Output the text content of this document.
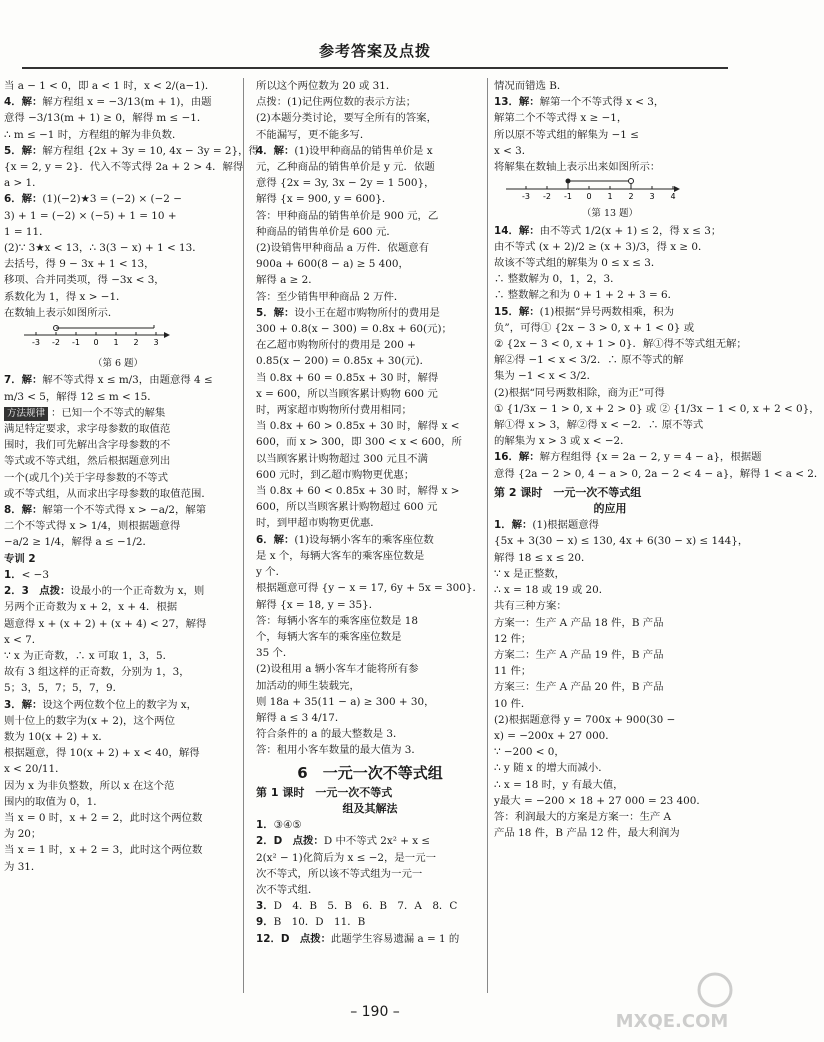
参考答案及点拨
当 a − 1 < 0，即 a < 1 时，x < 2/(a−1)．
4．解：解方程组 x = −3/13(m + 1)，由题
意得 −3/13(m + 1) ≥ 0，解得 m ≤ −1．
∴ m ≤ −1 时，方程组的解为非负数．
5．解：解方程组 {2x + 3y = 10, 4x − 3y = 2}，得
{x = 2, y = 2}．代入不等式得 2a + 2 > 4．解得
a > 1．
6．解：(1)(−2)★3 = (−2) × (−2 −
3) + 1 = (−2) × (−5) + 1 = 10 +
1 = 11．
(2)∵ 3★x < 13，∴ 3(3 − x) + 1 < 13．
去括号，得 9 − 3x + 1 < 13，
移项、合并同类项，得 −3x < 3，
系数化为 1，得 x > −1．
在数轴上表示如图所示．
-3 -2 -1 0 1 2 3
（第 6 题）
7．解：解不等式得 x ≤ m/3，由题意得 4 ≤
m/3 < 5，解得 12 ≤ m < 15．
方法规律 ：已知一个不等式的解集
满足特定要求，求字母参数的取值范
围时，我们可先解出含字母参数的不
等式或不等式组，然后根据题意列出
一个(或几个)关于字母参数的不等式
或不等式组，从而求出字母参数的取值范围．
8．解：解第一个不等式得 x > −a/2，解第
二个不等式得 x > 1/4，则根据题意得
−a/2 ≥ 1/4，解得 a ≤ −1/2．
专训 2
1．< −3
2．3　点拨：设最小的一个正奇数为 x，则
另两个正奇数为 x + 2，x + 4．根据
题意得 x + (x + 2) + (x + 4) < 27，解得
x < 7．
∵ x 为正奇数，∴ x 可取 1，3，5．
故有 3 组这样的正奇数，分别为 1，3，
5；3，5，7；5，7，9．
3．解：设这个两位数个位上的数字为 x，
则十位上的数字为(x + 2)，这个两位
数为 10(x + 2) + x．
根据题意，得 10(x + 2) + x < 40，解得
x < 20/11．
因为 x 为非负整数，所以 x 在这个范
围内的取值为 0，1．
当 x = 0 时，x + 2 = 2，此时这个两位数
为 20；
当 x = 1 时，x + 2 = 3，此时这个两位数
为 31．
所以这个两位数为 20 或 31．
点拨：(1)记住两位数的表示方法；
(2)本题分类讨论，要写全所有的答案，
不能漏写，更不能多写．
4．解：(1)设甲种商品的销售单价是 x
元，乙种商品的销售单价是 y 元．依题
意得 {2x = 3y, 3x − 2y = 1 500}，
解得 {x = 900, y = 600}．
答：甲种商品的销售单价是 900 元，乙
种商品的销售单价是 600 元．
(2)设销售甲种商品 a 万件．依题意有
900a + 600(8 − a) ≥ 5 400，
解得 a ≥ 2．
答：至少销售甲种商品 2 万件．
5．解：设小王在超市购物所付的费用是
300 + 0.8(x − 300) = 0.8x + 60(元)；
在乙超市购物所付的费用是 200 +
0.85(x − 200) = 0.85x + 30(元)．
当 0.8x + 60 = 0.85x + 30 时，解得
x = 600，所以当顾客累计购物 600 元
时，两家超市购物所付费用相同；
当 0.8x + 60 > 0.85x + 30 时，解得 x <
600，而 x > 300，即 300 < x < 600，所
以当顾客累计购物超过 300 元且不满
600 元时，到乙超市购物更优惠；
当 0.8x + 60 < 0.85x + 30 时，解得 x >
600，所以当顾客累计购物超过 600 元
时，到甲超市购物更优惠．
6．解：(1)设每辆小客车的乘客座位数
是 x 个，每辆大客车的乘客座位数是
y 个．
根据题意可得 {y − x = 17, 6y + 5x = 300}．
解得 {x = 18, y = 35}．
答：每辆小客车的乘客座位数是 18
个，每辆大客车的乘客座位数是
35 个．
(2)设租用 a 辆小客车才能将所有参
加活动的师生装载完，
则 18a + 35(11 − a) ≥ 300 + 30，
解得 a ≤ 3 4/17．
符合条件的 a 的最大整数是 3．
答：租用小客车数量的最大值为 3．
6　一元一次不等式组
第 1 课时　一元一次不等式
组及其解法
1．③④⑤
2．D　点拨：D 中不等式 2x² + x ≤
2(x² − 1)化简后为 x ≤ −2，是一元一
次不等式，所以该不等式组为一元一
次不等式组．
3．D　4．B　5．B　6．B　7．A　8．C
9．B　10．D　11．B
12．D　点拨：此题学生容易遗漏 a = 1 的
情况而错选 B．
13．解：解第一个不等式得 x < 3，
解第二个不等式得 x ≥ −1，
所以原不等式组的解集为 −1 ≤
x < 3．
将解集在数轴上表示出来如图所示：
-3 -2 -1 0 1 2 3 4
（第 13 题）
14．解：由不等式 1/2(x + 1) ≤ 2，得 x ≤ 3；
由不等式 (x + 2)/2 ≥ (x + 3)/3，得 x ≥ 0．
故该不等式组的解集为 0 ≤ x ≤ 3．
∴ 整数解为 0，1，2，3．
∴ 整数解之和为 0 + 1 + 2 + 3 = 6．
15．解：(1)根据“异号两数相乘，积为
负”，可得① {2x − 3 > 0, x + 1 < 0} 或
② {2x − 3 < 0, x + 1 > 0}．解①得不等式组无解；
解②得 −1 < x < 3/2．∴ 原不等式的解
集为 −1 < x < 3/2．
(2)根据“同号两数相除，商为正”可得
① {1/3x − 1 > 0, x + 2 > 0} 或 ② {1/3x − 1 < 0, x + 2 < 0}，
解①得 x > 3，解②得 x < −2．∴ 原不等式
的解集为 x > 3 或 x < −2．
16．解：解方程组得 {x = 2a − 2, y = 4 − a}，根据题
意得 {2a − 2 > 0, 4 − a > 0, 2a − 2 < 4 − a}，解得 1 < a < 2．
第 2 课时　一元一次不等式组
的应用
1．解：(1)根据题意得
{5x + 3(30 − x) ≤ 130, 4x + 6(30 − x) ≤ 144}，
解得 18 ≤ x ≤ 20．
∵ x 是正整数，
∴ x = 18 或 19 或 20．
共有三种方案：
方案一：生产 A 产品 18 件，B 产品
12 件；
方案二：生产 A 产品 19 件，B 产品
11 件；
方案三：生产 A 产品 20 件，B 产品
10 件．
(2)根据题意得 y = 700x + 900(30 −
x) = −200x + 27 000．
∵ −200 < 0，
∴ y 随 x 的增大而减小．
∴ x = 18 时，y 有最大值，
y最大 = −200 × 18 + 27 000 = 23 400．
答：利润最大的方案是方案一：生产 A
产品 18 件，B 产品 12 件，最大利润为
– 190 –	MXQE.COM
